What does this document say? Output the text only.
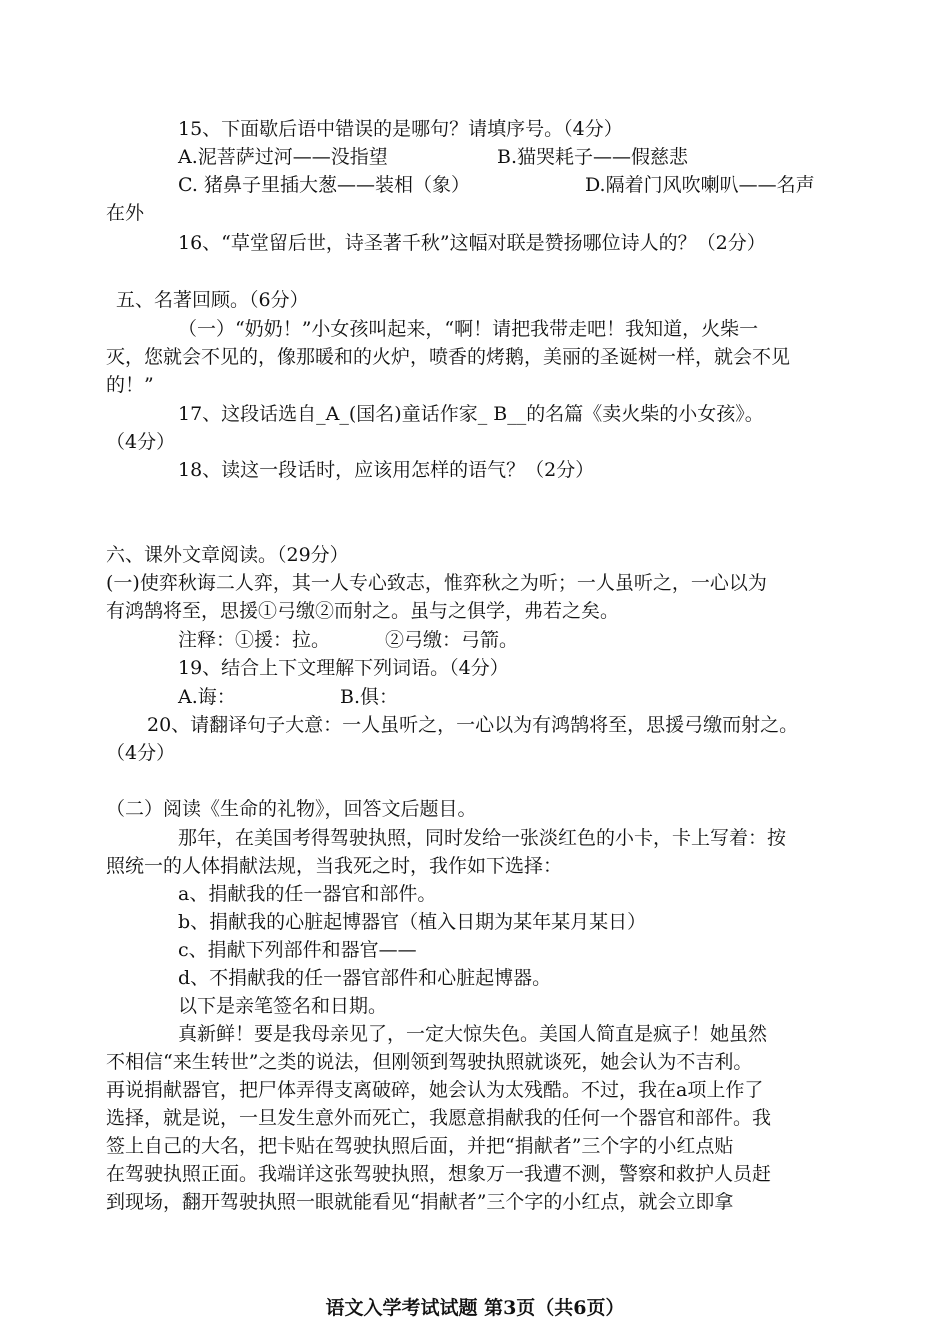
15、下面歇后语中错误的是哪句？请填序号。（4分）
A.泥菩萨过河——没指望	B.猫哭耗子——假慈悲
C. 猪鼻子里插大葱——装相（象）	D.隔着门风吹喇叭——名声
在外
16、“草堂留后世，诗圣著千秋”这幅对联是赞扬哪位诗人的？（2分）
五、名著回顾。（6分）
（一）“奶奶！”小女孩叫起来，“啊！请把我带走吧！我知道，火柴一
灭，您就会不见的，像那暖和的火炉，喷香的烤鹅，美丽的圣诞树一样，就会不见
的！”
17、这段话选自_A_(国名)童话作家_ B__的名篇《卖火柴的小女孩》。
（4分）
18、读这一段话时，应该用怎样的语气？（2分）
六、课外文章阅读。（29分）
(一)使弈秋诲二人弈，其一人专心致志，惟弈秋之为听；一人虽听之，一心以为
有鸿鹄将至，思援①弓缴②而射之。虽与之俱学，弗若之矣。
注释：①援：拉。	②弓缴：弓箭。
19、结合上下文理解下列词语。（4分）
A.诲：	B.俱：
20、请翻译句子大意：一人虽听之，一心以为有鸿鹄将至，思援弓缴而射之。
（4分）
（二）阅读《生命的礼物》，回答文后题目。
那年，在美国考得驾驶执照，同时发给一张淡红色的小卡，卡上写着：按
照统一的人体捐献法规，当我死之时，我作如下选择：
a、捐献我的任一器官和部件。
b、捐献我的心脏起博器官（植入日期为某年某月某日）
c、捐献下列部件和器官——
d、不捐献我的任一器官部件和心脏起博器。
以下是亲笔签名和日期。
真新鲜！要是我母亲见了，一定大惊失色。美国人简直是疯子！她虽然
不相信“来生转世”之类的说法，但刚领到驾驶执照就谈死，她会认为不吉利。
再说捐献器官，把尸体弄得支离破碎，她会认为太残酷。不过，我在a项上作了
选择，就是说，一旦发生意外而死亡，我愿意捐献我的任何一个器官和部件。我
签上自己的大名，把卡贴在驾驶执照后面，并把“捐献者”三个字的小红点贴
在驾驶执照正面。我端详这张驾驶执照，想象万一我遭不测，警察和救护人员赶
到现场，翻开驾驶执照一眼就能看见“捐献者”三个字的小红点，就会立即拿
语文入学考试试题 第3页（共6页）
